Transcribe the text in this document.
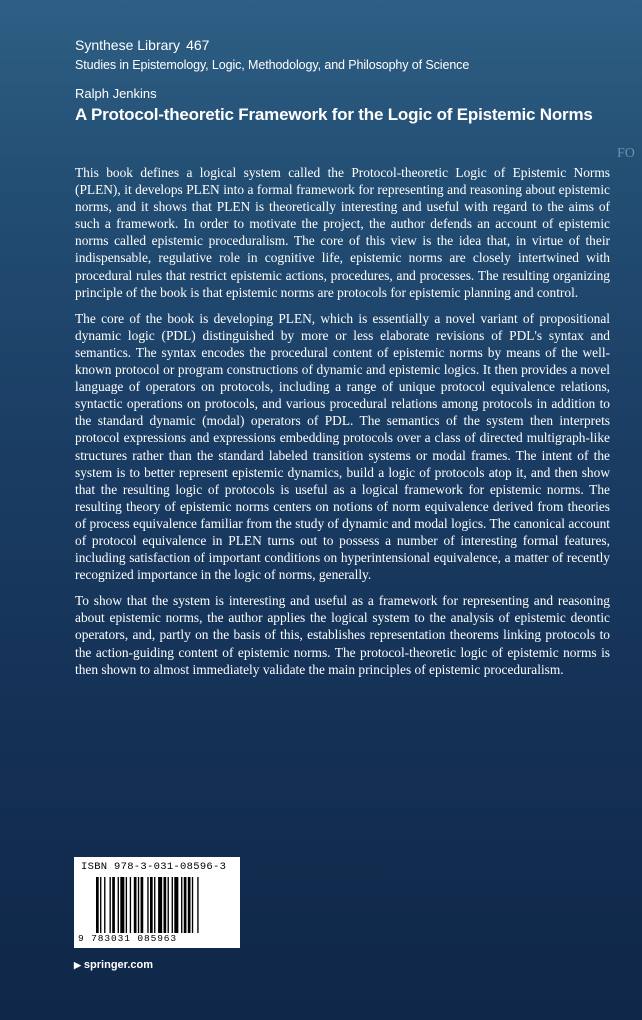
Synthese Library 467
Studies in Epistemology, Logic, Methodology, and Philosophy of Science
Ralph Jenkins
A Protocol-theoretic Framework for the Logic of Epistemic Norms
FO

This book defines a logical system called the Protocol-theoretic Logic of Epistemic Norms (PLEN), it develops PLEN into a formal framework for representing and reasoning about epistemic norms, and it shows that PLEN is theoretically interesting and useful with regard to the aims of such a framework. In order to motivate the project, the author defends an account of epistemic norms called epistemic proceduralism. The core of this view is the idea that, in virtue of their indispensable, regulative role in cognitive life, epistemic norms are closely intertwined with procedural rules that restrict epistemic actions, procedures, and processes. The resulting organizing principle of the book is that epistemic norms are protocols for epistemic planning and control.

The core of the book is developing PLEN, which is essentially a novel variant of propositional dynamic logic (PDL) distinguished by more or less elaborate revisions of PDL's syntax and semantics. The syntax encodes the procedural content of epistemic norms by means of the well-known protocol or program constructions of dynamic and epistemic logics. It then provides a novel language of operators on protocols, including a range of unique protocol equivalence relations, syntactic operations on protocols, and various procedural relations among protocols in addition to the standard dynamic (modal) operators of PDL. The semantics of the system then interprets protocol expressions and expressions embedding protocols over a class of directed multigraph-like structures rather than the standard labeled transition systems or modal frames. The intent of the system is to better represent epistemic dynamics, build a logic of protocols atop it, and then show that the resulting logic of protocols is useful as a logical framework for epistemic norms. The resulting theory of epistemic norms centers on notions of norm equivalence derived from theories of process equivalence familiar from the study of dynamic and modal logics. The canonical account of protocol equivalence in PLEN turns out to possess a number of interesting formal features, including satisfaction of important conditions on hyperintensional equivalence, a matter of recently recognized importance in the logic of norms, generally.

To show that the system is interesting and useful as a framework for representing and reasoning about epistemic norms, the author applies the logical system to the analysis of epistemic deontic operators, and, partly on the basis of this, establishes representation theorems linking protocols to the action-guiding content of epistemic norms. The protocol-theoretic logic of epistemic norms is then shown to almost immediately validate the main principles of epistemic proceduralism.

ISBN 978-3-031-08596-3
9 783031 085963
▶ springer.com
